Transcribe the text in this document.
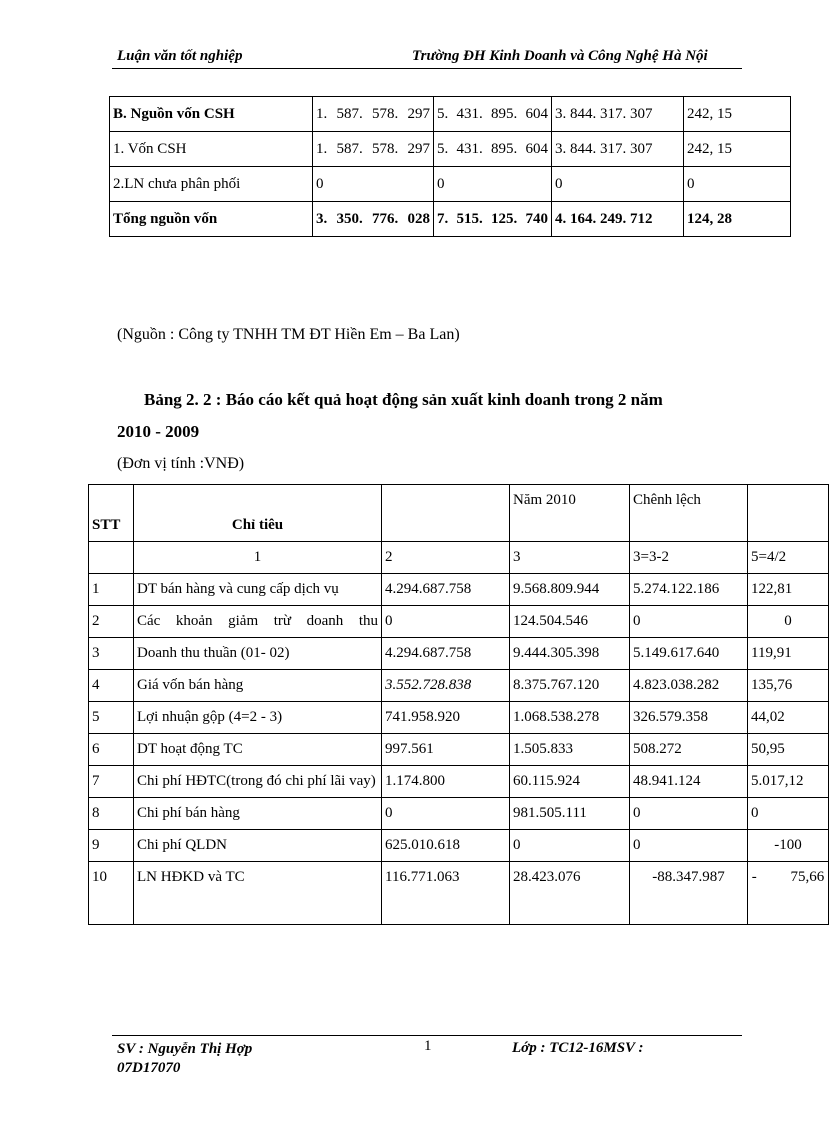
Luận văn tốt nghiệp	Trường ĐH Kinh Doanh và Công Nghệ Hà Nội
B. Nguồn vốn CSH	1. 587. 578. 297	5. 431. 895. 604	3. 844. 317. 307	242, 15
1. Vốn CSH	1. 587. 578. 297	5. 431. 895. 604	3. 844. 317. 307	242, 15
2.LN chưa phân phối	0	0	0	0
Tổng nguồn vốn	3. 350. 776. 028	7. 515. 125. 740	4. 164. 249. 712	124, 28
(Nguồn : Công ty TNHH TM ĐT Hiền Em – Ba Lan)
Bảng 2. 2 : Báo cáo kết quả hoạt động sản xuất kinh doanh trong 2 năm
2010 - 2009
(Đơn vị tính :VNĐ)
STT	Chỉ tiêu		Năm 2010	Chênh lệch	
	1	2	3	3=3-2	5=4/2
1	DT bán hàng và cung cấp dịch vụ	4.294.687.758	9.568.809.944	5.274.122.186	122,81
2	Các khoản giảm trừ doanh thu	0	124.504.546	0	0
3	Doanh thu thuần (01- 02)	4.294.687.758	9.444.305.398	5.149.617.640	119,91
4	Giá vốn bán hàng	3.552.728.838	8.375.767.120	4.823.038.282	135,76
5	Lợi nhuận gộp (4=2 - 3)	741.958.920	1.068.538.278	326.579.358	44,02
6	DT hoạt động TC	997.561	1.505.833	508.272	50,95
7	Chi phí HĐTC(trong đó chi phí lãi vay)	1.174.800	60.115.924	48.941.124	5.017,12
8	Chi phí bán hàng	0	981.505.111	0	0
9	Chi phí QLDN	625.010.618	0	0	-100
10	LN HĐKD và TC	116.771.063	28.423.076	-88.347.987	- 75,66
SV : Nguyễn Thị Hợp
07D17070
1	Lớp : TC12-16MSV :
